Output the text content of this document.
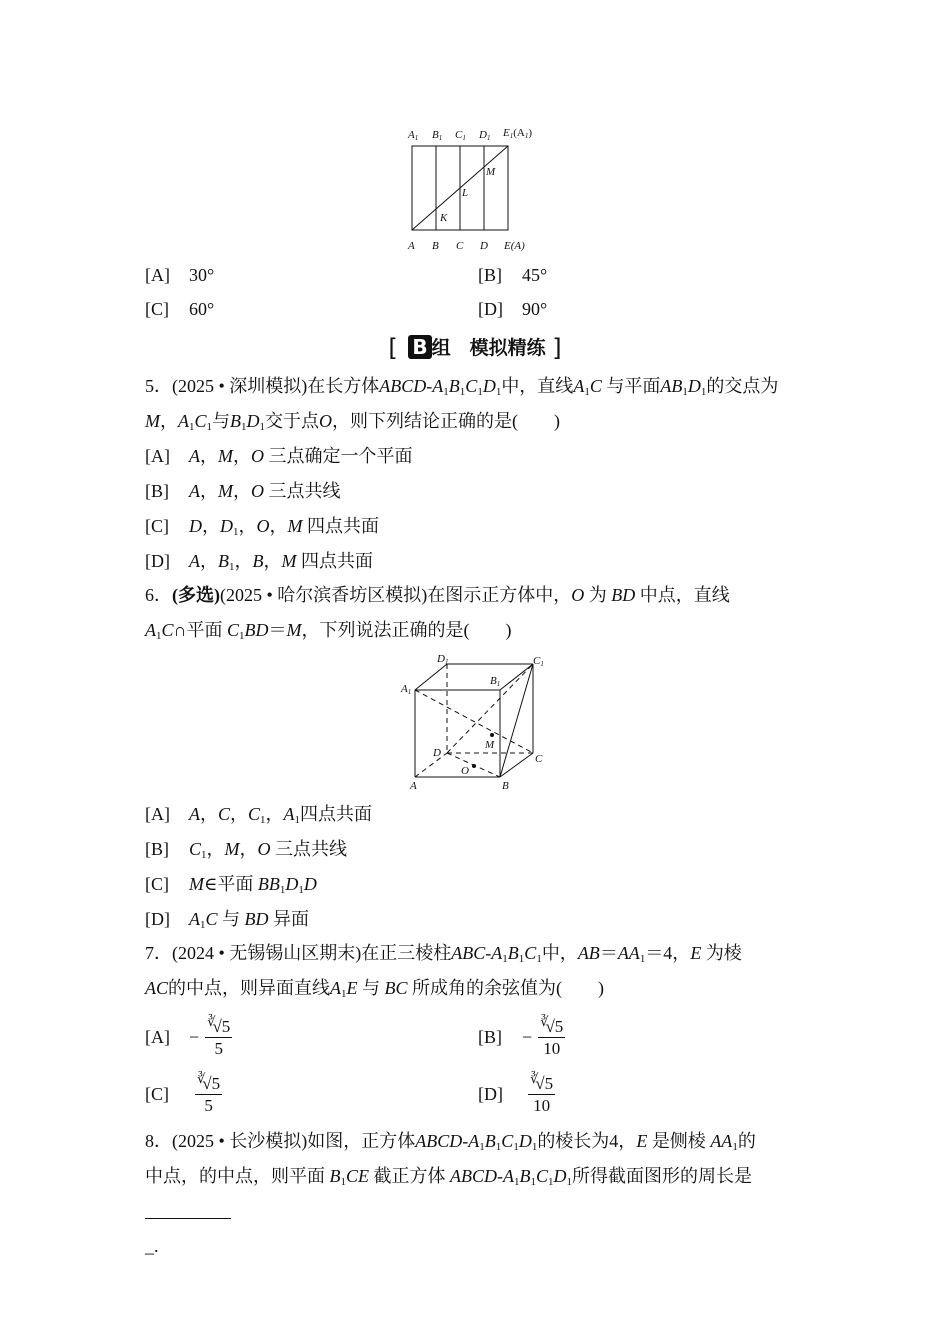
A1 B1 C1 D1 E1(A1)
A B C D E(A)
M
L
K
[A] 30°	[B] 45°
[C] 60°	[D] 90°
[ B 组　模拟精练 ]
5．(2025 • 深圳模拟)在长方体ABCD-$A_1B_1C_1D_1$中，直线$A_1C$ 与平面$AB_1D_1$的交点为M，$A_1C_1$与$B_1D_1$交于点O，则下列结论正确的是(　　)
[A] A，M，O 三点确定一个平面
[B] A，M，O 三点共线
[C] D，$D_1$，O，M 四点共面
[D] A，$B_1$，B，M 四点共面
6．(多选)(2025 • 哈尔滨香坊区模拟)在图示正方体中，O 为 BD 中点，直线
$A_1C\cap$平面 $C_1BD=M$，下列说法正确的是(　　)
D1	C1
A1
B1
M
D	C
O
A	B
[A] A，C，$C_1$，$A_1$四点共面
[B] $C_1$，M，O 三点共线
[C] M∈平面 $BB_1D_1D$
[D] $A_1C$ 与 BD 异面
7．(2024 • 无锡锡山区期末)在正三棱柱ABC-$A_1B_1C_1$中，$AB=AA_1=4$，E 为棱
AC的中点，则异面直线$A_1E$ 与 BC 所成角的余弦值为(　　)
[A]	− $\frac{^∛√5}{5}$	[B]	− $\frac{^∛√5}{10}$
[C]	$\frac{^∛√5}{5}$	[D]	$\frac{^∛√5}{10}$
8．(2025 • 长沙模拟)如图，正方体ABCD-$A_1B_1C_1D_1$的棱长为4，E 是侧棱 $AA_1$的
中点，的中点，则平面 $B_1CE$ 截正方体 ABCD-$A_1B_1C_1D_1$所得截面图形的周长是
_.
